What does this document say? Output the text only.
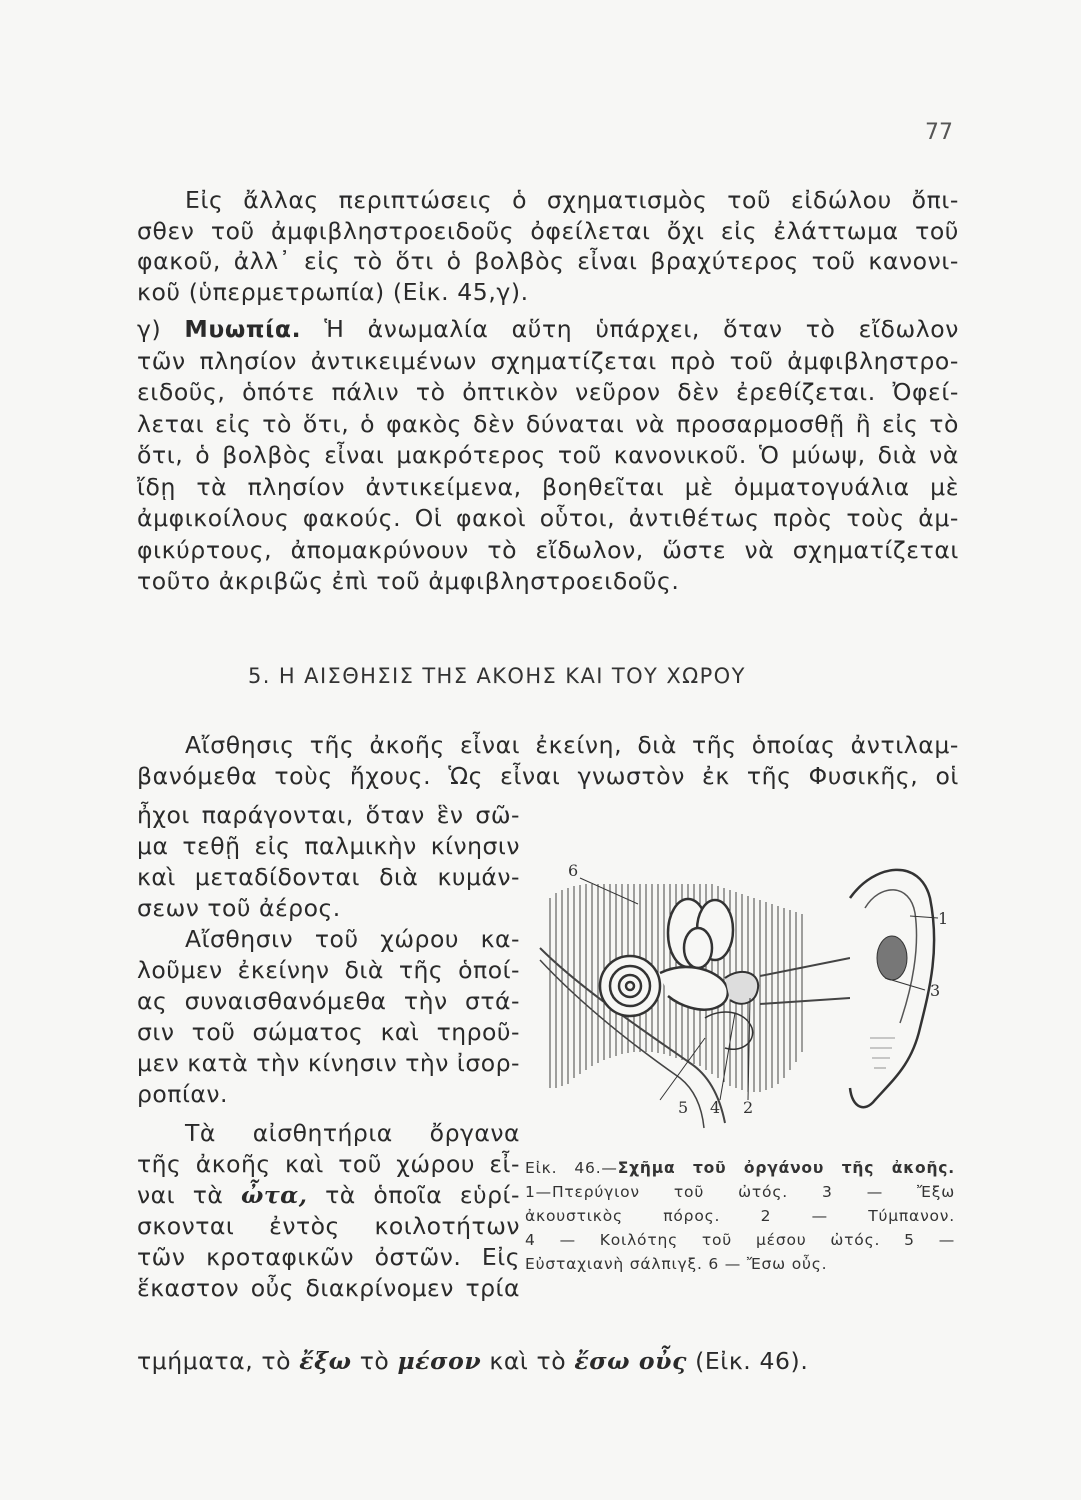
77
Εἰς ἄλλας περιπτώσεις ὁ σχηματισμὸς τοῦ εἰδώλου ὄπι-
σθεν τοῦ ἀμφιβληστροειδοῦς ὀφείλεται ὄχι εἰς ἐλάττωμα τοῦ
φακοῦ, ἀλλ᾽ εἰς τὸ ὅτι ὁ βολβὸς εἶναι βραχύτερος τοῦ κανονι-
κοῦ (ὑπερμετρωπία) (Εἰκ. 45,γ).
γ) Μυωπία. Ἡ ἀνωμαλία αὕτη ὑπάρχει, ὅταν τὸ εἴδωλον
τῶν πλησίον ἀντικειμένων σχηματίζεται πρὸ τοῦ ἀμφιβληστρο-
ειδοῦς, ὁπότε πάλιν τὸ ὀπτικὸν νεῦρον δὲν ἐρεθίζεται. Ὀφεί-
λεται εἰς τὸ ὅτι, ὁ φακὸς δὲν δύναται νὰ προσαρμοσθῇ ἢ εἰς τὸ
ὅτι, ὁ βολβὸς εἶναι μακρότερος τοῦ κανονικοῦ. Ὁ μύωψ, διὰ νὰ
ἴδῃ τὰ πλησίον ἀντικείμενα, βοηθεῖται μὲ ὀμματογυάλια μὲ
ἀμφικοίλους φακούς. Οἱ φακοὶ οὗτοι, ἀντιθέτως πρὸς τοὺς ἀμ-
φικύρτους, ἀπομακρύνουν τὸ εἴδωλον, ὥστε νὰ σχηματίζεται
τοῦτο ἀκριβῶς ἐπὶ τοῦ ἀμφιβληστροειδοῦς.
5. Η ΑΙΣΘΗΣΙΣ ΤΗΣ ΑΚΟΗΣ ΚΑΙ ΤΟΥ ΧΩΡΟΥ
Αἴσθησις τῆς ἀκοῆς εἶναι ἐκείνη, διὰ τῆς ὁποίας ἀντιλαμ-
βανόμεθα τοὺς ἤχους. Ὡς εἶναι γνωστὸν ἐκ τῆς Φυσικῆς, οἱ
ἦχοι παράγονται, ὅταν ἓν σῶ-
μα τεθῇ εἰς παλμικὴν κίνησιν
καὶ μεταδίδονται διὰ κυμάν-
σεων τοῦ ἀέρος.
Αἴσθησιν τοῦ χώρου κα-
λοῦμεν ἐκείνην διὰ τῆς ὁποί-
ας συναισθανόμεθα τὴν στά-
σιν τοῦ σώματος καὶ τηροῦ-
μεν κατὰ τὴν κίνησιν τὴν ἰσορ-
ροπίαν.
Τὰ αἰσθητήρια ὄργανα
τῆς ἀκοῆς καὶ τοῦ χώρου εἶ-
ναι τὰ ὦτα, τὰ ὁποῖα εὑρί-
σκονται ἐντὸς κοιλοτήτων
τῶν κροταφικῶν ὀστῶν. Εἰς
ἕκαστον οὖς διακρίνομεν τρία
τμήματα, τὸ ἔξω τὸ μέσον καὶ τὸ ἔσω οὖς (Εἰκ. 46).
6
1
3
5 4 2
Εἰκ. 46.—Σχῆμα τοῦ ὀργάνου τῆς ἀκοῆς.
1—Πτερύγιον τοῦ ὠτός. 3 — Ἔξω
ἀκουστικὸς πόρος. 2 — Τύμπανον.
4 — Κοιλότης τοῦ μέσου ὠτός. 5 —
Εὐσταχιανὴ σάλπιγξ. 6 — Ἔσω οὖς.
